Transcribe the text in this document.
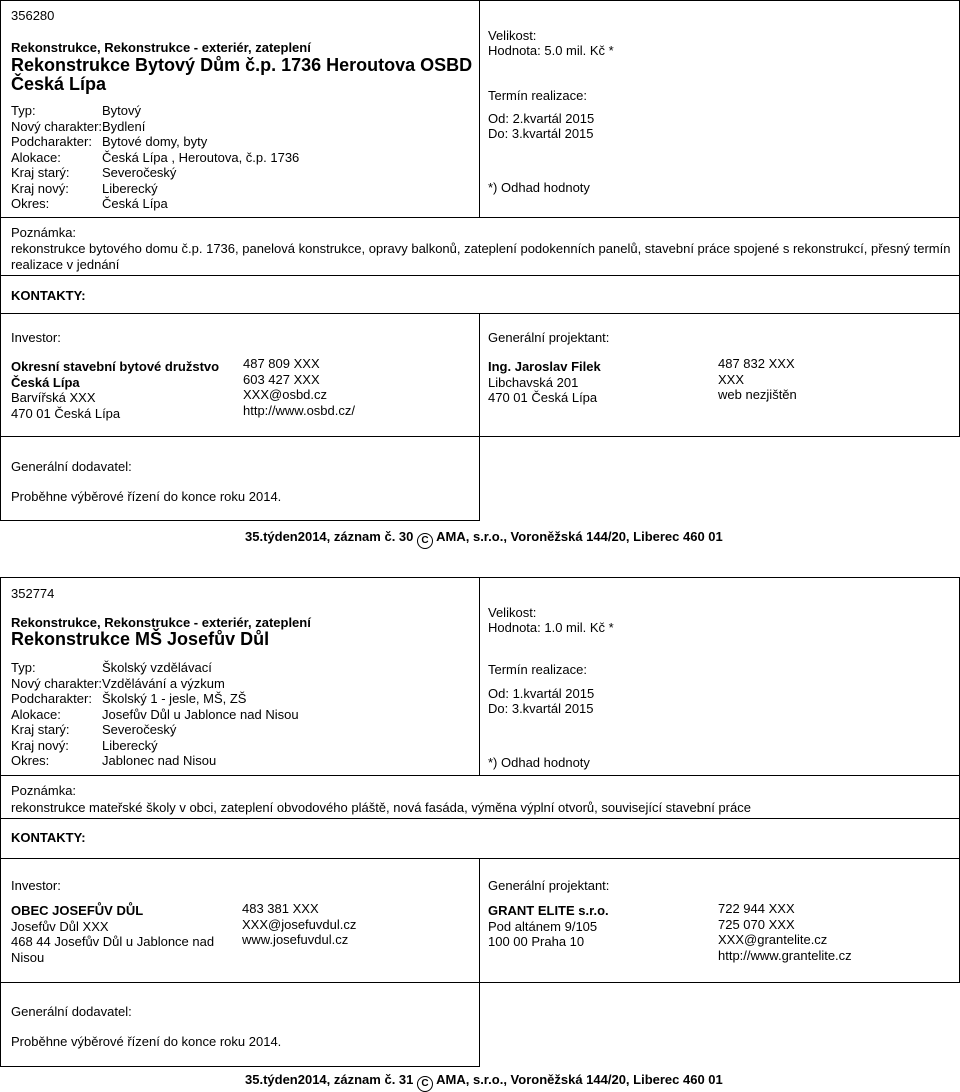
356280
Rekonstrukce, Rekonstrukce - exteriér, zateplení
Rekonstrukce Bytový Dům č.p. 1736 Heroutova OSBD
Česká Lípa
Typ:	Bytový
Nový charakter:Bydlení
Podcharakter: Bytové domy, byty
Alokace:	Česká Lípa , Heroutova, č.p. 1736
Kraj starý: Severočeský
Kraj nový:	Liberecký
Okres:	Česká Lípa
Velikost:
Hodnota: 5.0 mil. Kč *
Termín realizace:
Od: 2.kvartál 2015
Do: 3.kvartál 2015
*) Odhad hodnoty
Poznámka:
rekonstrukce bytového domu č.p. 1736, panelová konstrukce, opravy balkonů, zateplení podokenních panelů, stavební práce spojené s rekonstrukcí, přesný termín realizace v jednání
KONTAKTY:
Investor:
Okresní stavební bytové družstvo
Česká Lípa
Barvířská XXX
470 01 Česká Lípa
487 809 XXX
603 427 XXX
XXX@osbd.cz
http://www.osbd.cz/
Generální projektant:
Ing. Jaroslav Filek
Libchavská 201
470 01 Česká Lípa
487 832 XXX
XXX
web nezjištěn
Generální dodavatel:
Proběhne výběrové řízení do konce roku 2014.
35.týden2014, záznam č. 30 C AMA, s.r.o., Voroněžská 144/20, Liberec 460 01
352774
Rekonstrukce, Rekonstrukce - exteriér, zateplení
Rekonstrukce MŠ Josefův Důl
Typ:	Školský vzdělávací
Nový charakter:Vzdělávání a výzkum
Podcharakter: Školský 1 - jesle, MŠ, ZŠ
Alokace:	Josefův Důl u Jablonce nad Nisou
Kraj starý: Severočeský
Kraj nový:	Liberecký
Okres:	Jablonec nad Nisou
Velikost:
Hodnota: 1.0 mil. Kč *
Termín realizace:
Od: 1.kvartál 2015
Do: 3.kvartál 2015
*) Odhad hodnoty
Poznámka:
rekonstrukce mateřské školy v obci, zateplení obvodového pláště, nová fasáda, výměna výplní otvorů, související stavební práce
KONTAKTY:
Investor:
OBEC JOSEFŮV DŮL
Josefův Důl XXX
468 44 Josefův Důl u Jablonce nad
Nisou
483 381 XXX
XXX@josefuvdul.cz
www.josefuvdul.cz
Generální projektant:
GRANT ELITE s.r.o.
Pod altánem 9/105
100 00 Praha 10
722 944 XXX
725 070 XXX
XXX@grantelite.cz
http://www.grantelite.cz
Generální dodavatel:
Proběhne výběrové řízení do konce roku 2014.
35.týden2014, záznam č. 31 C AMA, s.r.o., Voroněžská 144/20, Liberec 460 01
